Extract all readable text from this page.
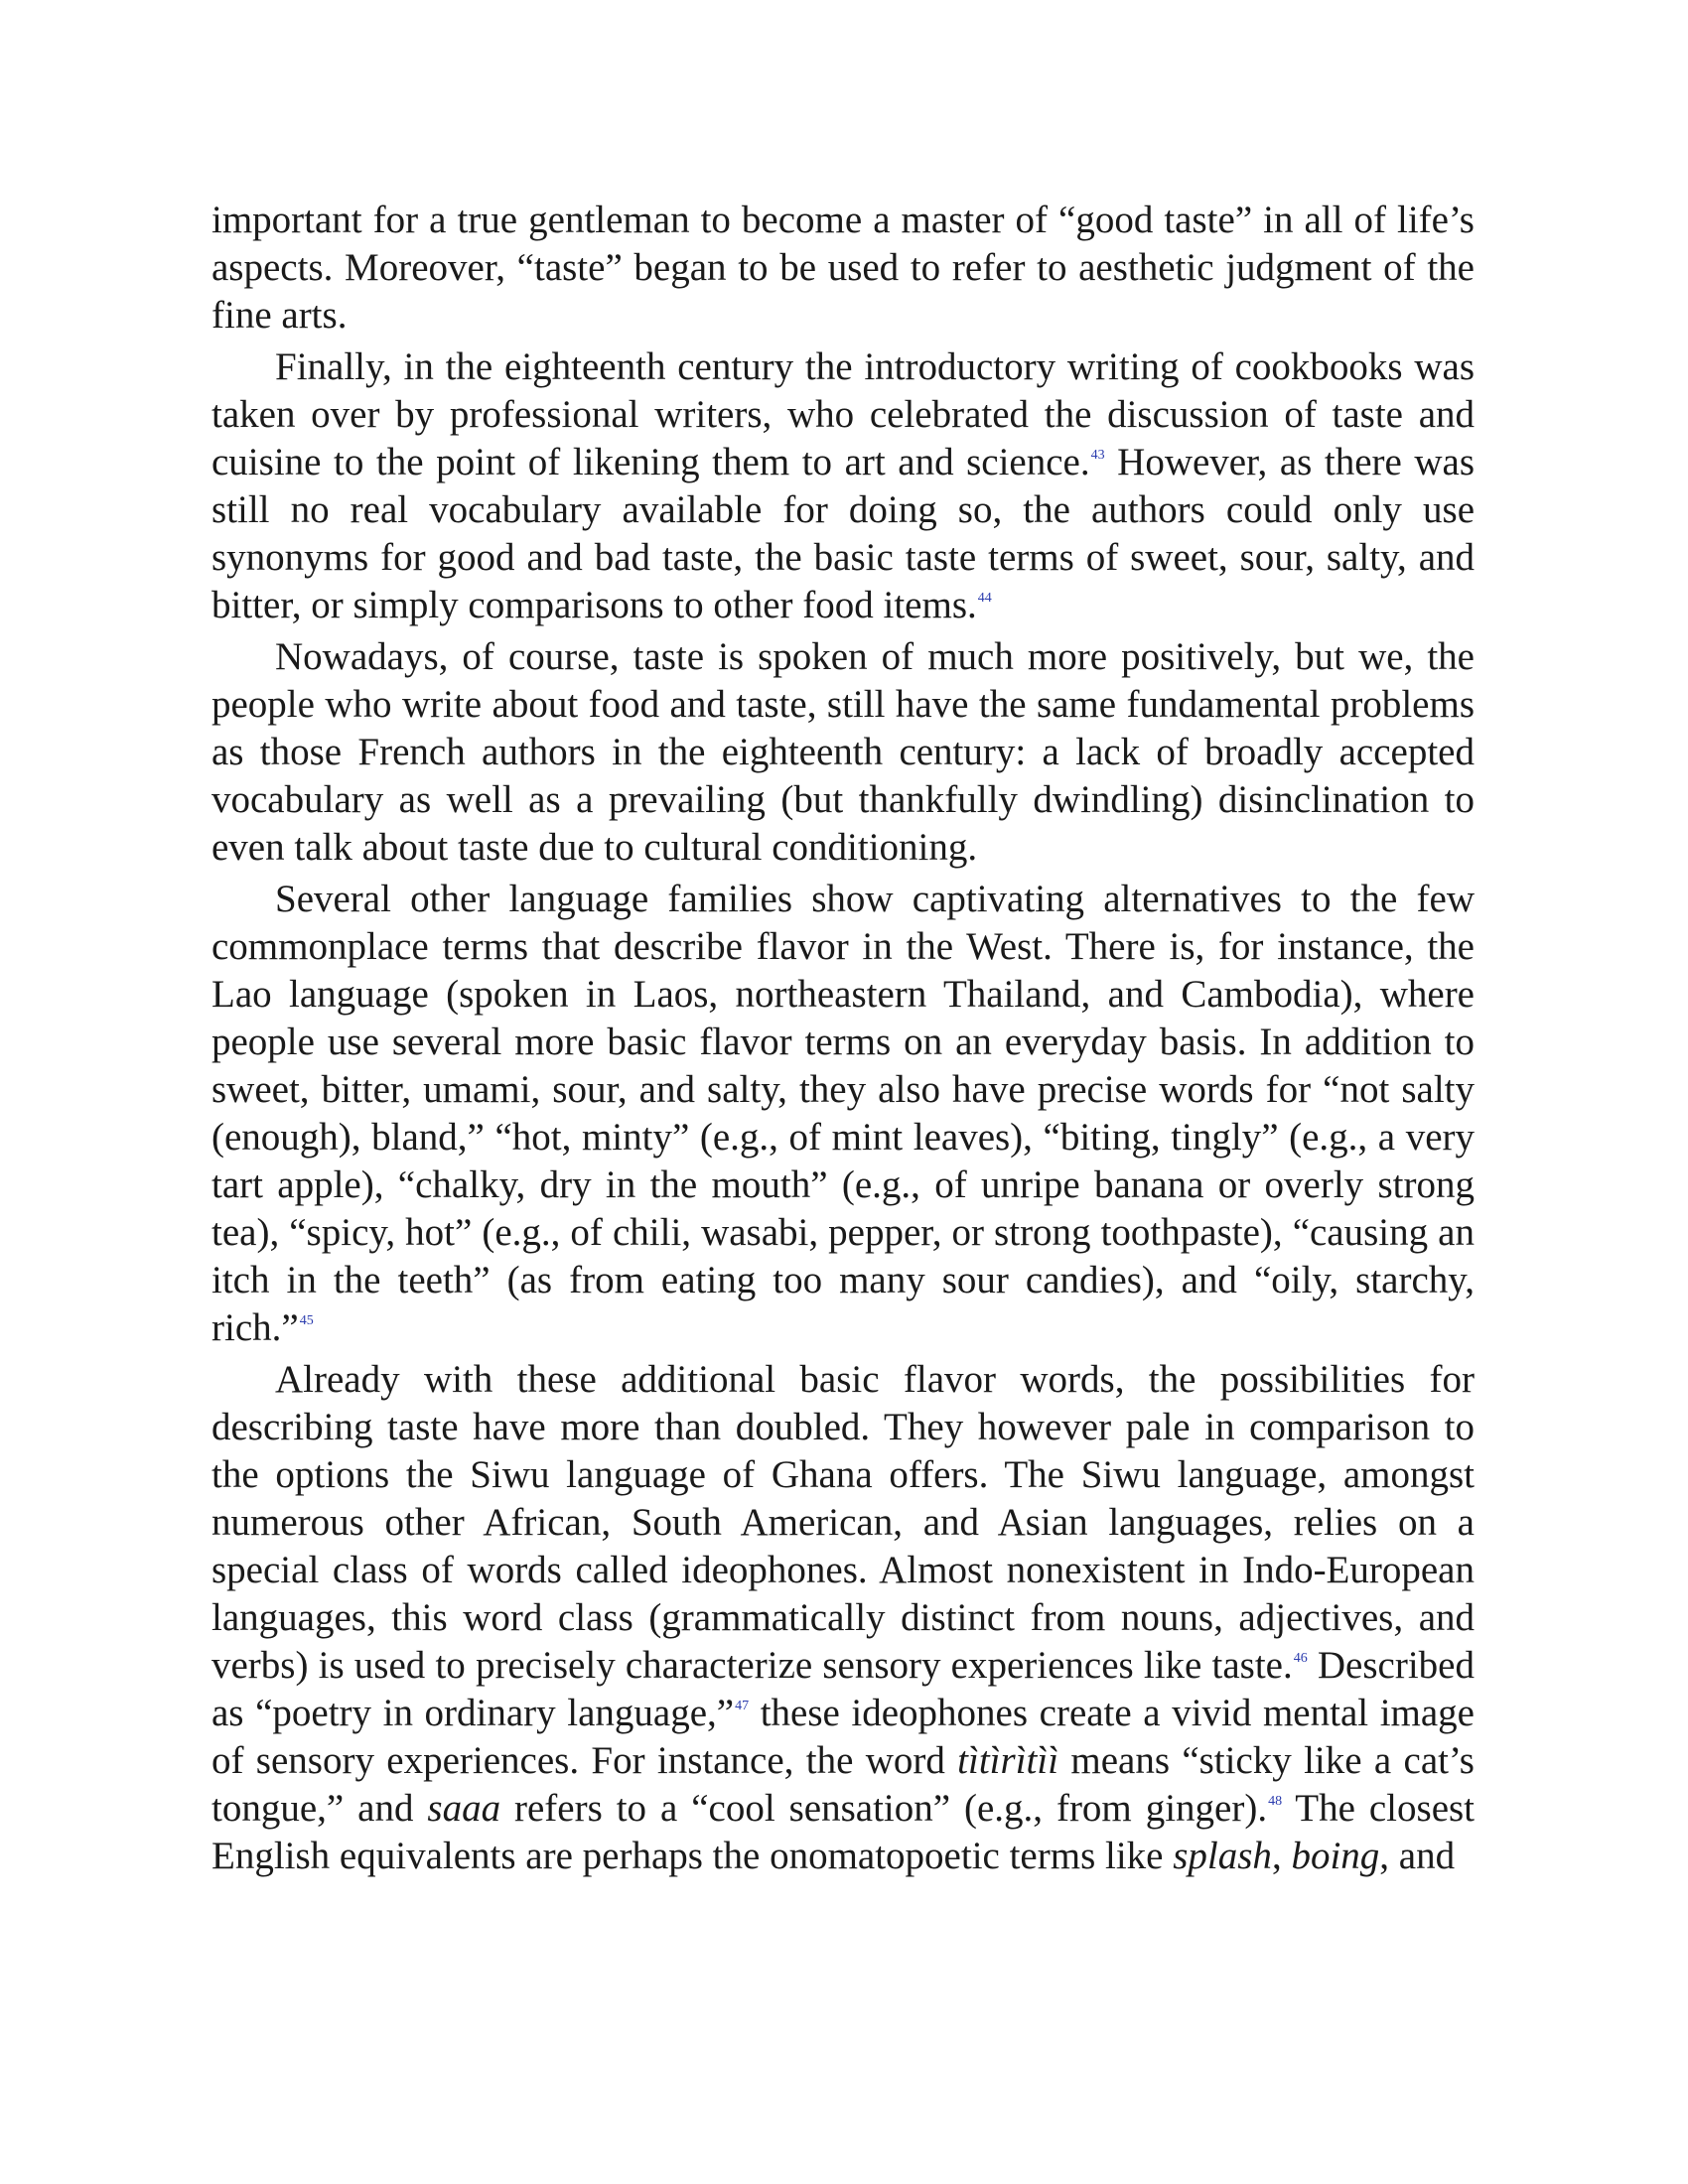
important for a true gentleman to become a master of “good taste” in all of life’s aspects. Moreover, “taste” began to be used to refer to aesthetic judgment of the fine arts.

Finally, in the eighteenth century the introductory writing of cookbooks was taken over by professional writers, who celebrated the discussion of taste and cuisine to the point of likening them to art and science.$^{43}$ However, as there was still no real vocabulary available for doing so, the authors could only use synonyms for good and bad taste, the basic taste terms of sweet, sour, salty, and bitter, or simply comparisons to other food items.$^{44}$

Nowadays, of course, taste is spoken of much more positively, but we, the people who write about food and taste, still have the same fundamental problems as those French authors in the eighteenth century: a lack of broadly accepted vocabulary as well as a prevailing (but thankfully dwindling) disinclination to even talk about taste due to cultural conditioning.

Several other language families show captivating alternatives to the few commonplace terms that describe flavor in the West. There is, for instance, the Lao language (spoken in Laos, northeastern Thailand, and Cambodia), where people use several more basic flavor terms on an everyday basis. In addition to sweet, bitter, umami, sour, and salty, they also have precise words for “not salty (enough), bland,” “hot, minty” (e.g., of mint leaves), “biting, tingly” (e.g., a very tart apple), “chalky, dry in the mouth” (e.g., of unripe banana or overly strong tea), “spicy, hot” (e.g., of chili, wasabi, pepper, or strong toothpaste), “causing an itch in the teeth” (as from eating too many sour candies), and “oily, starchy, rich.”$^{45}$

Already with these additional basic flavor words, the possibilities for describing taste have more than doubled. They however pale in comparison to the options the Siwu language of Ghana offers. The Siwu language, amongst numerous other African, South American, and Asian languages, relies on a special class of words called ideophones. Almost nonexistent in Indo-European languages, this word class (grammatically distinct from nouns, adjectives, and verbs) is used to precisely characterize sensory experiences like taste.$^{46}$ Described as “poetry in ordinary language,”$^{47}$ these ideophones create a vivid mental image of sensory experiences. For instance, the word tìtìrìtìì means “sticky like a cat’s tongue,” and saaa refers to a “cool sensation” (e.g., from ginger).$^{48}$ The closest English equivalents are perhaps the onomatopoetic terms like splash, boing, and
